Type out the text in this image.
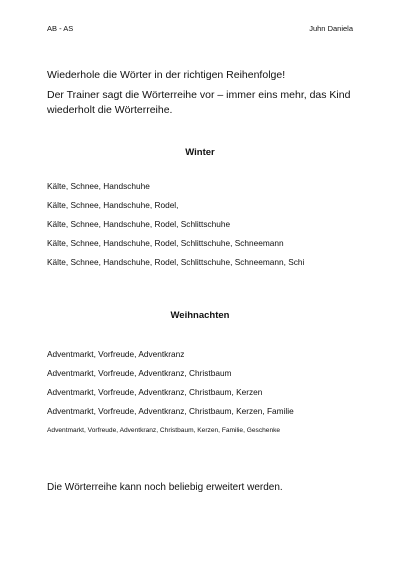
AB - AS	Juhn Daniela

Wiederhole die Wörter in der richtigen Reihenfolge!

Der Trainer sagt die Wörterreihe vor – immer eins mehr, das Kind wiederholt die Wörterreihe.

Winter
Kälte, Schnee, Handschuhe
Kälte, Schnee, Handschuhe, Rodel,
Kälte, Schnee, Handschuhe, Rodel, Schlittschuhe
Kälte, Schnee, Handschuhe, Rodel, Schlittschuhe, Schneemann
Kälte, Schnee, Handschuhe, Rodel, Schlittschuhe, Schneemann, Schi
Weihnachten
Adventmarkt, Vorfreude, Adventkranz
Adventmarkt, Vorfreude, Adventkranz, Christbaum
Adventmarkt, Vorfreude, Adventkranz, Christbaum, Kerzen
Adventmarkt, Vorfreude, Adventkranz, Christbaum, Kerzen, Familie
Adventmarkt, Vorfreude, Adventkranz, Christbaum, Kerzen, Familie, Geschenke
Die Wörterreihe kann noch beliebig erweitert werden.
